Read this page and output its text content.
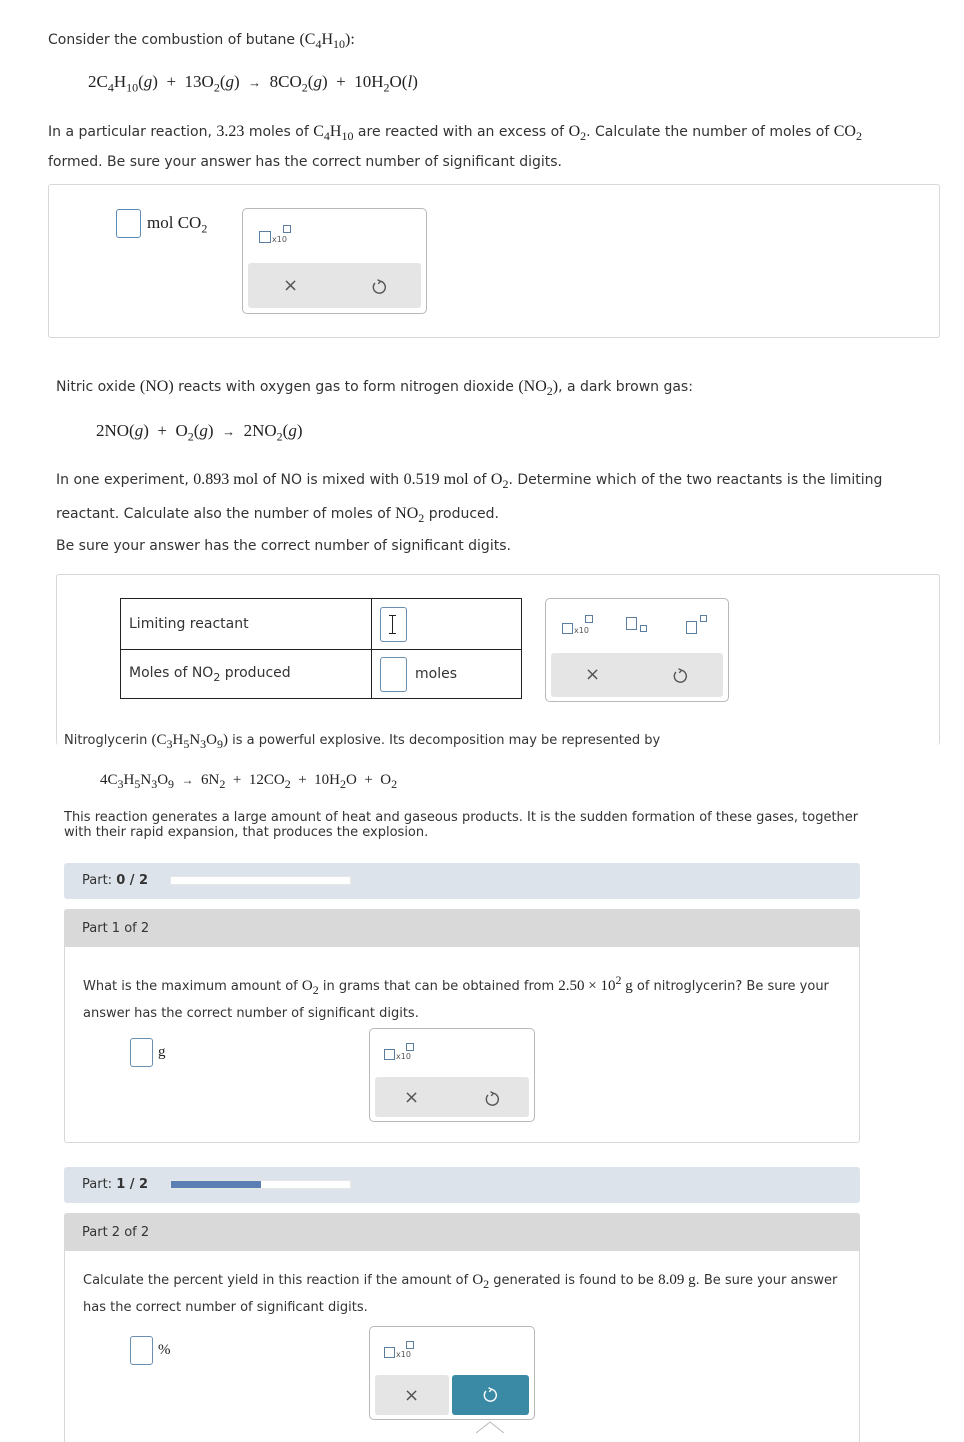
Consider the combustion of butane $(C_4H_{10})$:
$2C_4H_{10}(g) + 13O_2(g) \to 8CO_2(g) + 10H_2O(l)$
In a particular reaction, 3.23 moles of $C_4H_{10}$ are reacted with an excess of $O_2$. Calculate the number of moles of $CO_2$
formed. Be sure your answer has the correct number of significant digits.
mol $CO_2$
x10
×
Nitric oxide (NO) reacts with oxygen gas to form nitrogen dioxide $(NO_2)$, a dark brown gas:
$2NO(g) + O_2(g) \to 2NO_2(g)$
In one experiment, 0.893 mol of NO is mixed with 0.519 mol of $O_2$. Determine which of the two reactants is the limiting
reactant. Calculate also the number of moles of $NO_2$ produced.
Be sure your answer has the correct number of significant digits.
Limiting reactant	

Moles of $NO_2$ produced	moles
x10
×
Nitroglycerin $(C_3H_5N_3O_9)$ is a powerful explosive. Its decomposition may be represented by
$4C_3H_5N_3O_9 \to 6N_2 + 12CO_2 + 10H_2O + O_2$
This reaction generates a large amount of heat and gaseous products. It is the sudden formation of these gases, together with their rapid expansion, that produces the explosion.
Part: 0 / 2
Part 1 of 2
What is the maximum amount of $O_2$ in grams that can be obtained from $2.50 \times 10^2$ g of nitroglycerin? Be sure your
answer has the correct number of significant digits.
g	x10
×
Part: 1 / 2
Part 2 of 2
Calculate the percent yield in this reaction if the amount of $O_2$ generated is found to be 8.09 g. Be sure your answer
has the correct number of significant digits.
%	x10
×
